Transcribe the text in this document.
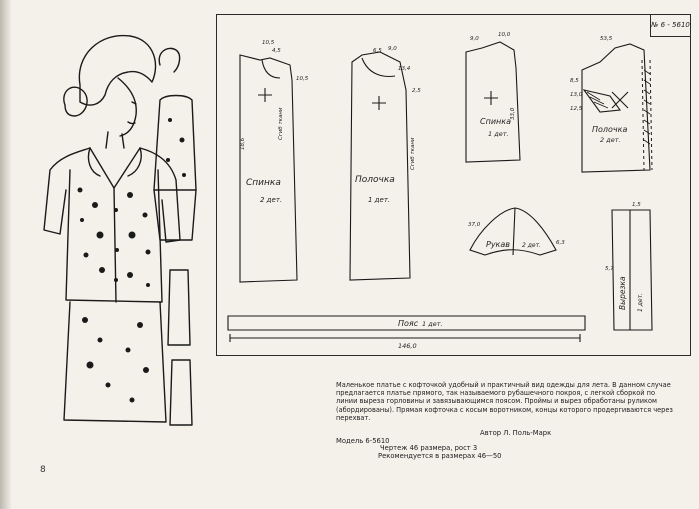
№ 6 - 5610
Спинка
2 дет.
Полочка
1 дет.
Спинка
1 дет.	Полочка
2 дет.
Рукав 2 дет.
Пояс 1 дет.
146,0
Вырезка 1 дет.
Сгиб ткани
Сгиб ткани
10,5
4,5
10,5
18,6
6,5 9,0
13,4
2,5
9,0
10,0
33,0
53,5
8,5
13,0
12,5
37,0
6,3
1,5
5,7

Маленькое платье с кофточкой удобный и практичный вид одежды для лета. В данном случае предлагается платье прямого, так называемого рубашечного покроя, с легкой сборкой по линии выреза горловины и завязывающимся поясом. Проймы и вырез обработаны руликом (абордированы). Прямая кофточка с косым воротником, концы которого продергиваются через перехват.

Автор Л. Поль-Марк
Модель 6-5610
Чертеж 46 размера, рост 3
Рекомендуется в размерах 46—50
8
